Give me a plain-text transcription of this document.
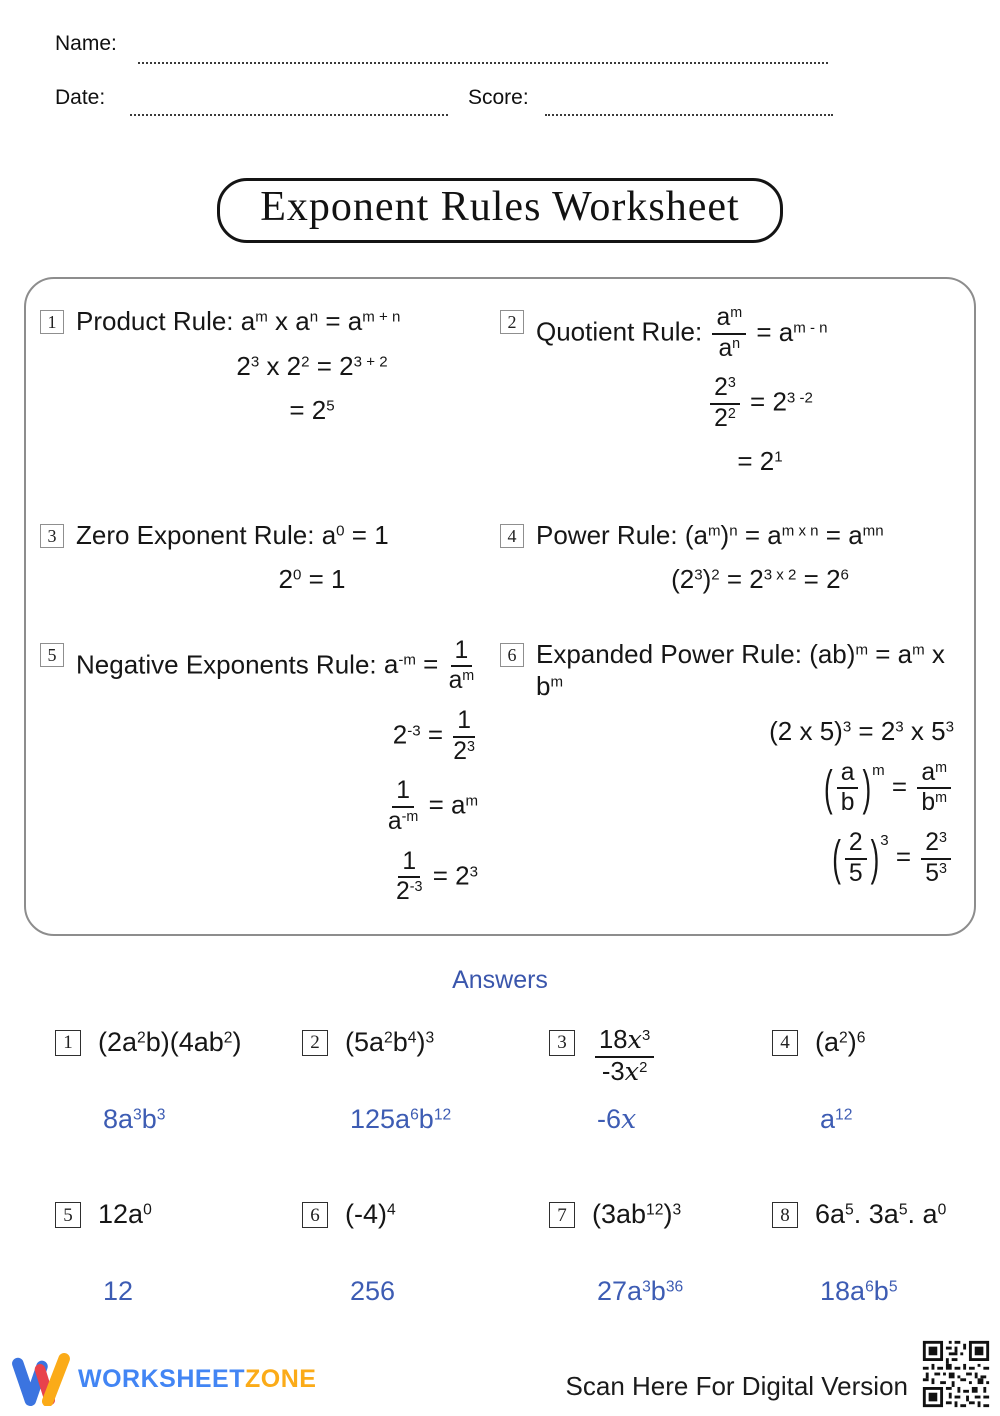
Name:
Date:	Score:
Exponent Rules Worksheet
1 Product Rule: $a^m$ x $a^n = a^{m + n}$
$2^3$ x $2^2 = 2^{3 + 2}$
= $2^5$
2 Quotient Rule: $\frac{a^m}{a^n} = a^{m - n}$
$\frac{2^3}{2^2} = 2^{3 -2}$
= $2^1$
3 Zero Exponent Rule: $a^0 = 1$
$2^0 = 1$
4 Power Rule: $(a^m)^n = a^{m x n} = a^{mn}$
$(2^3)^2 = 2^{3 x 2} = 2^6$
5 Negative Exponents Rule: $a^{-m} = \frac{1}{a^m}$
$2^{-3} = \frac{1}{2^3}$
$\frac{1}{a^{-m}} = a^m$
$\frac{1}{2^{-3}} = 2^3$
6 Expanded Power Rule: $(ab)^m = a^m$ x $b^m$
(2 x $5)^3 = 2^3$ x $5^3$
( $\frac{a}{b}$ ) $^m = \frac{a^m}{b^m}$
( $\frac{2}{5}$ ) $^3 = \frac{2^3}{5^3}$
Answers
1 $(2a^2b)(4ab^2)$	2 $(5a^2b^4)^3$	3	$\frac{18x^3}{-3x^2}$	4 $(a^2)^6$
$8a^3b^3$	$125a^6b^{12}$	-6x	$a^{12}$
5 $12a^0$	6 $(-4)^4$	7 $(3ab^{12})^3$	8 $6a^5$. $3a^5$. $a^0$
12	256	$27a^3b^{36}$	$18a^6b^5$
WORKSHEETZONE	Scan Here For Digital Version
